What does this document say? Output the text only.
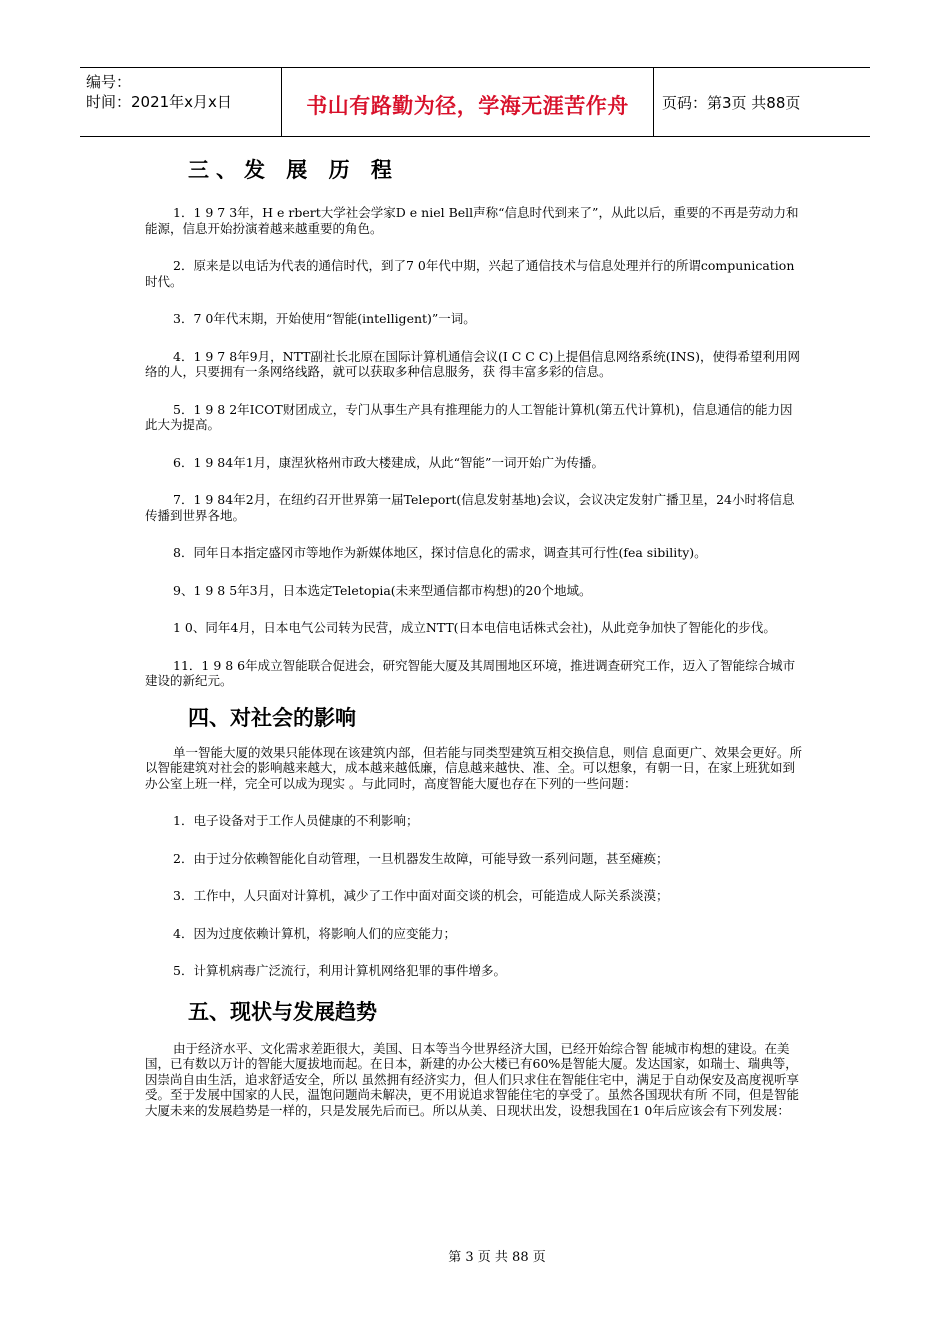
编号：
时间：2021年x月x日	书山有路勤为径，学海无涯苦作舟	页码：第3页 共88页
三、发 展 历 程

1．1 9 7 3年，H e rbert大学社会学家D e niel Bell声称“信息时代到来了”，从此以后，重要的不再是劳动力和能源，信息开始扮演着越来越重要的角色。

2．原来是以电话为代表的通信时代，到了7 0年代中期，兴起了通信技术与信息处理并行的所谓compunication时代。

3．7 0年代末期，开始使用“智能(intelligent)”一词。

4．1 9 7 8年9月，NTT副社长北原在国际计算机通信会议(I C C C)上提倡信息网络系统(INS)，使得希望利用网络的人，只要拥有一条网络线路，就可以获取多种信息服务，获 得丰富多彩的信息。

5．1 9 8 2年ICOT财团成立，专门从事生产具有推理能力的人工智能计算机(第五代计算机)，信息通信的能力因此大为提高。

6．1 9 84年1月，康涅狄格州市政大楼建成，从此“智能”一词开始广为传播。

7．1 9 84年2月，在纽约召开世界第一届Teleport(信息发射基地)会议，会议决定发射广播卫星，24小时将信息传播到世界各地。

8．同年日本指定盛冈市等地作为新媒体地区，探讨信息化的需求，调查其可行性(fea sibility)。

9、1 9 8 5年3月，日本选定Teletopia(未来型通信都市构想)的20个地域。

1 0、同年4月，日本电气公司转为民营，成立NTT(日本电信电话株式会社)，从此竞争加快了智能化的步伐。

11．1 9 8 6年成立智能联合促进会，研究智能大厦及其周围地区环境，推进调查研究工作，迈入了智能综合城市建设的新纪元。

四、对社会的影响

单一智能大厦的效果只能体现在该建筑内部，但若能与同类型建筑互相交换信息，则信 息面更广、效果会更好。所以智能建筑对社会的影响越来越大，成本越来越低廉，信息越来越快、准、全。可以想象，有朝一日，在家上班犹如到办公室上班一样，完全可以成为现实 。与此同时，高度智能大厦也存在下列的一些问题：

1．电子设备对于工作人员健康的不利影响；

2．由于过分依赖智能化自动管理，一旦机器发生故障，可能导致一系列问题，甚至瘫痪；

3．工作中，人只面对计算机，减少了工作中面对面交谈的机会，可能造成人际关系淡漠；

4．因为过度依赖计算机，将影响人们的应变能力；

5．计算机病毒广泛流行，利用计算机网络犯罪的事件增多。

五、现状与发展趋势

由于经济水平、文化需求差距很大，美国、日本等当今世界经济大国，已经开始综合智 能城市构想的建设。在美国，已有数以万计的智能大厦拔地而起。在日本，新建的办公大楼已有60%是智能大厦。发达国家，如瑞士、瑞典等，因崇尚自由生活，追求舒适安全，所以 虽然拥有经济实力，但人们只求住在智能住宅中，满足于自动保安及高度视听享受。至于发展中国家的人民，温饱问题尚未解决，更不用说追求智能住宅的享受了。虽然各国现状有所 不同，但是智能大厦未来的发展趋势是一样的，只是发展先后而已。所以从美、日现状出发，设想我国在1 0年后应该会有下列发展：

第 3 页 共 88 页
